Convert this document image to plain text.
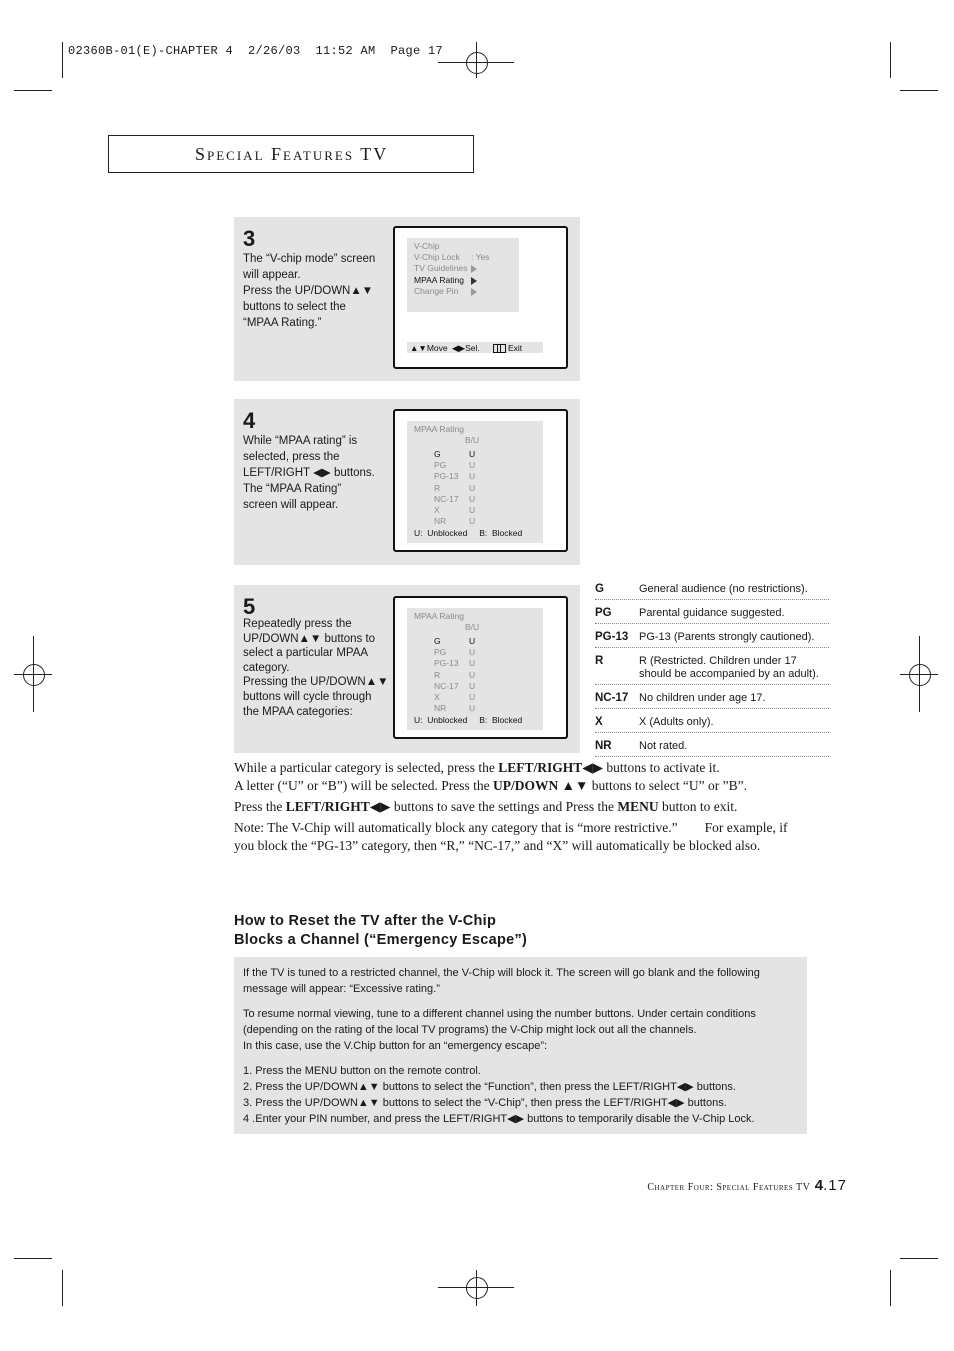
02360B-01(E)-CHAPTER 4  2/26/03  11:52 AM  Page 17
Special Features TV
3
The “V-chip mode” screen
will appear.
Press the UP/DOWN▲▼
buttons to select the
“MPAA Rating.”
V-Chip
V-Chip Lock : Yes
TV Guidelines
MPAA Rating
Change Pin
▲▼Move ◀▶Sel.	Exit
4
While “MPAA rating” is
selected, press the
LEFT/RIGHT ◀▶ buttons.
The “MPAA Rating”
screen will appear.
MPAA Rating
B/U
G	U
PG	U
PG-13 U
R	U
NC-17 U
X	U
NR	U
U:  Unblocked     B:  Blocked
5
Repeatedly press the
UP/DOWN▲▼ buttons to
select a particular MPAA
category.
Pressing the UP/DOWN▲▼
buttons will cycle through
the MPAA categories:
MPAA Rating
B/U
G	U
PG	U
PG-13 U
R	U
NC-17 U
X	U
NR	U
U:  Unblocked     B:  Blocked
G	General audience (no restrictions).
PG Parental guidance suggested.
PG-13 PG-13 (Parents strongly cautioned).
R	R (Restricted. Children under 17 should be accompanied by an adult).
NC-17 No children under age 17.
X	X (Adults only).
NR Not rated.
While a particular category is selected, press the LEFT/RIGHT◀▶ buttons to activate it.
A letter (“U” or “B”) will be selected. Press the UP/DOWN ▲▼ buttons to select “U” or ”B”.
Press the LEFT/RIGHT◀▶ buttons to save the settings and Press the MENU button to exit.
Note: The V-Chip will automatically block any category that is “more restrictive.”        For example, if you block the “PG-13” category, then “R,” “NC-17,” and “X” will automatically be blocked also.
How to Reset the TV after the V-Chip
Blocks a Channel (“Emergency Escape”)
If the TV is tuned to a restricted channel, the V-Chip will block it. The screen will go blank and the following message will appear: “Excessive rating.”
To resume normal viewing, tune to a different channel using the number buttons. Under certain conditions (depending on the rating of the local TV programs) the V-Chip might lock out all the channels.
In this case, use the V.Chip button for an “emergency escape”:
1. Press the MENU button on the remote control.
2. Press the UP/DOWN▲▼ buttons to select the “Function”, then press the LEFT/RIGHT◀▶ buttons.
3. Press the UP/DOWN▲▼ buttons to select the “V-Chip”, then press the LEFT/RIGHT◀▶ buttons.
4 .Enter your PIN number, and press the LEFT/RIGHT◀▶ buttons to temporarily disable the V-Chip Lock.
Chapter Four: Special Features TV 4.17
